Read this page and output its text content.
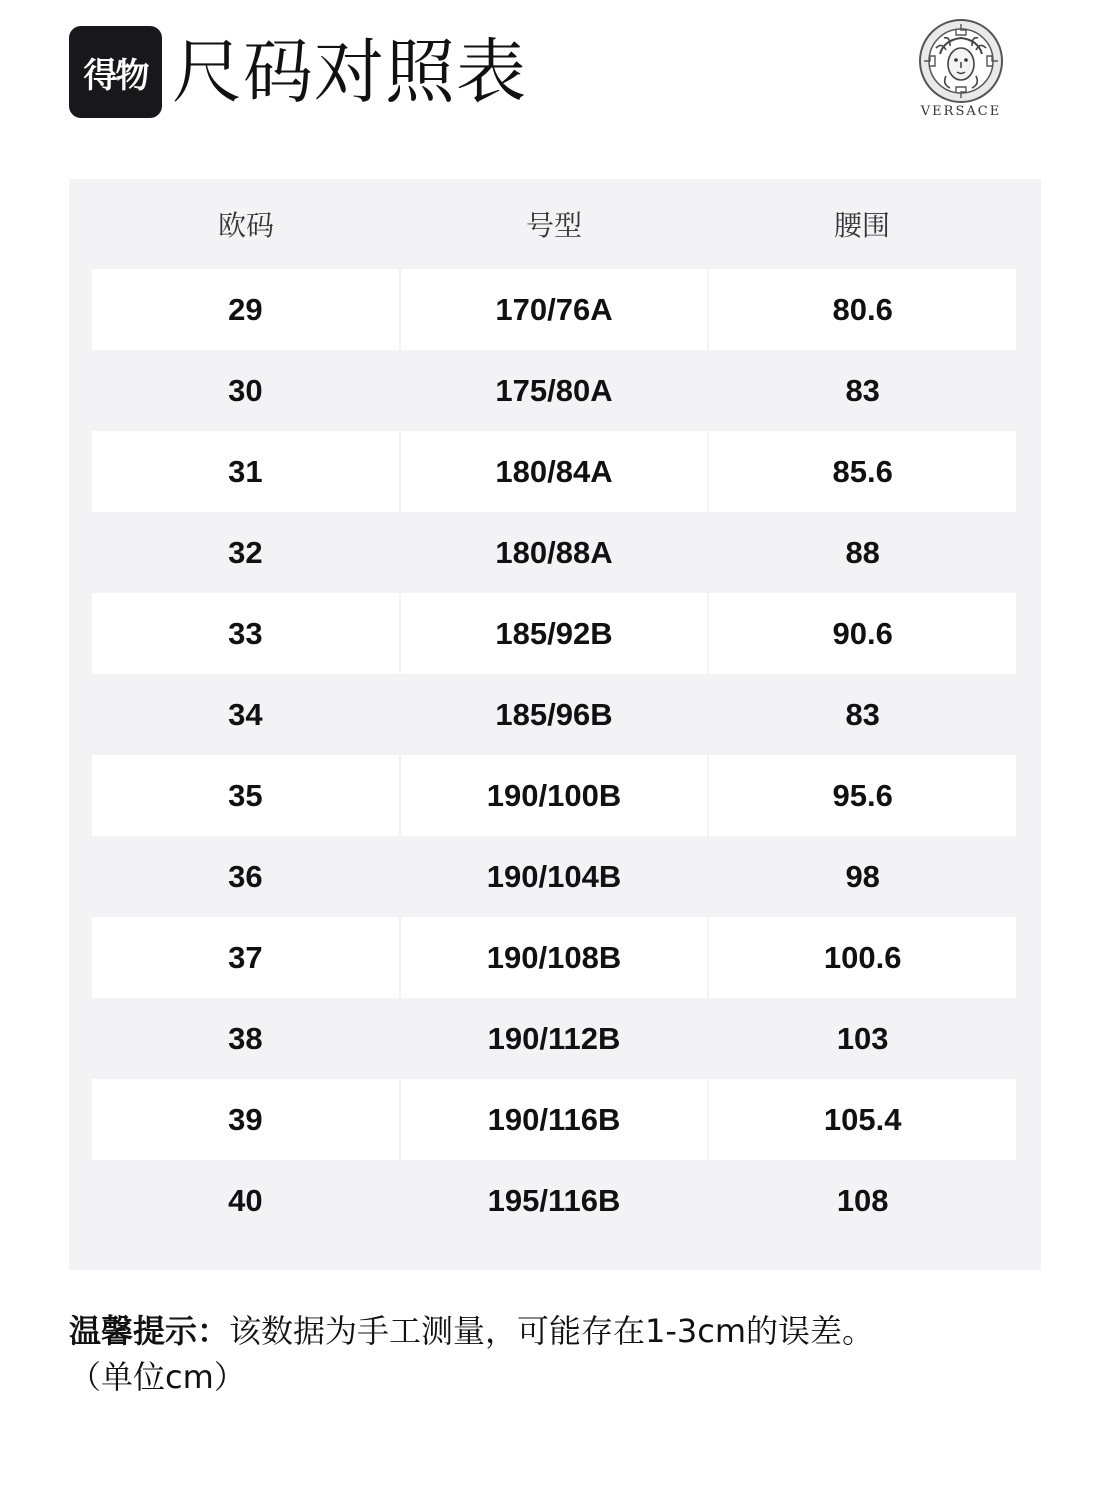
得物 尺码对照表	VERSACE
欧码	号型	腰围
29	170/76A	80.6
30	175/80A	83
31	180/84A	85.6
32	180/88A	88
33	185/92B	90.6
34	185/96B	83
35	190/100B	95.6
36	190/104B	98
37	190/108B	100.6
38	190/112B	103
39	190/116B	105.4
40	195/116B	108
温馨提示：该数据为手工测量，可能存在1-3cm的误差。
（单位cm）
